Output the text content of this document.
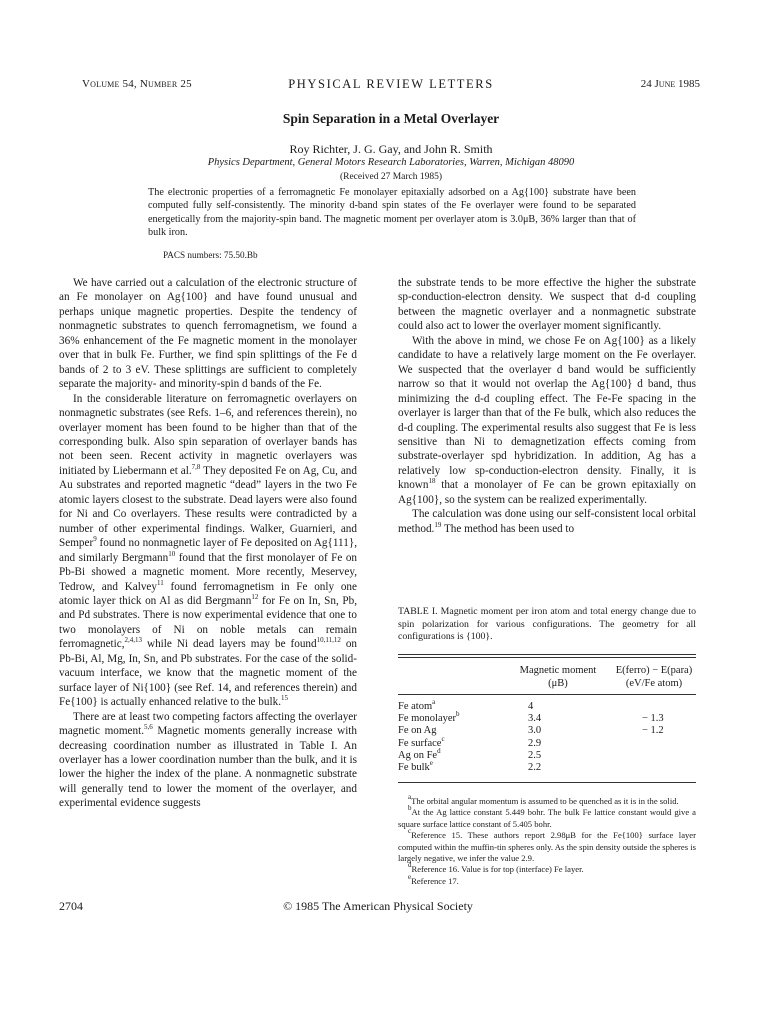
Volume 54, Number 25	PHYSICAL REVIEW LETTERS	24 June 1985
Spin Separation in a Metal Overlayer
Roy Richter, J. G. Gay, and John R. Smith
Physics Department, General Motors Research Laboratories, Warren, Michigan 48090
(Received 27 March 1985)
The electronic properties of a ferromagnetic Fe monolayer epitaxially adsorbed on a Ag{100} substrate have been computed fully self-consistently. The minority d-band spin states of the Fe overlayer were found to be separated energetically from the majority-spin band. The magnetic moment per overlayer atom is 3.0μB, 36% larger than that of bulk iron.
PACS numbers: 75.50.Bb

We have carried out a calculation of the electronic structure of an Fe monolayer on Ag{100} and have found unusual and perhaps unique magnetic properties. Despite the tendency of nonmagnetic substrates to quench ferromagnetism, we found a 36% enhancement of the Fe magnetic moment in the monolayer over that in bulk Fe. Further, we find spin splittings of the Fe d bands of 2 to 3 eV. These splittings are sufficient to completely separate the majority- and minority-spin d bands of the Fe.

In the considerable literature on ferromagnetic overlayers on nonmagnetic substrates (see Refs. 1–6, and references therein), no overlayer moment has been found to be higher than that of the corresponding bulk. Also spin separation of overlayer bands has not been seen. Recent activity in magnetic overlayers was initiated by Liebermann et al.$^{7,8}$ They deposited Fe on Ag, Cu, and Au substrates and reported magnetic “dead” layers in the two Fe atomic layers closest to the substrate. Dead layers were also found for Ni and Co overlayers. These results were contradicted by a number of other experimental findings. Walker, Guarnieri, and Semper$^9$ found no nonmagnetic layer of Fe deposited on Ag{111}, and similarly Bergmann$^{10}$ found that the first monolayer of Fe on Pb-Bi showed a magnetic moment. More recently, Meservey, Tedrow, and Kalvey$^{11}$ found ferromagnetism in Fe only one atomic layer thick on Al as did Bergmann$^{12}$ for Fe on In, Sn, Pb, and Pd substrates. There is now experimental evidence that one to two monolayers of Ni on noble metals can remain ferromagnetic,$^{2,4,13}$ while Ni dead layers may be found$^{10,11,12}$ on Pb-Bi, Al, Mg, In, Sn, and Pb substrates. For the case of the solid-vacuum interface, we know that the magnetic moment of the surface layer of Ni{100} (see Ref. 14, and references therein) and Fe{100} is actually enhanced relative to the bulk.$^{15}$

There are at least two competing factors affecting the overlayer magnetic moment.$^{5,6}$ Magnetic moments generally increase with decreasing coordination number as illustrated in Table I. An overlayer has a lower coordination number than the bulk, and it is lower the higher the index of the plane. A nonmagnetic substrate will generally tend to lower the moment of the overlayer, and experimental evidence suggests

the substrate tends to be more effective the higher the substrate sp-conduction-electron density. We suspect that d-d coupling between the magnetic overlayer and a nonmagnetic substrate could also act to lower the overlayer moment significantly.

With the above in mind, we chose Fe on Ag{100} as a likely candidate to have a relatively large moment on the Fe overlayer. We suspected that the overlayer d band would be sufficiently narrow so that it would not overlap the Ag{100} d band, thus minimizing the d-d coupling effect. The Fe-Fe spacing in the overlayer is larger than that of the Fe bulk, which also reduces the d-d coupling. The experimental results also suggest that Fe is less sensitive than Ni to demagnetization effects coming from substrate-overlayer spd hybridization. In addition, Ag has a relatively low sp-conduction-electron density. Finally, it is known$^{18}$ that a monolayer of Fe can be grown epitaxially on Ag{100}, so the system can be realized experimentally.

The calculation was done using our self-consistent local orbital method.$^{19}$ The method has been used to

TABLE I. Magnetic moment per iron atom and total energy change due to spin polarization for various configurations. The geometry for all configurations is {100}.
Magnetic moment
(μB)
E(ferro) − E(para)
(eV/Fe atom)
Fe atom$^a$	4
Fe monolayer$^b$	3.4	− 1.3
Fe on Ag	3.0	− 1.2
Fe surface$^c$	2.9
Ag on Fe$^d$	2.5
Fe bulk$^e$	2.2
$^a$The orbital angular momentum is assumed to be quenched as it is in the solid.
$^b$At the Ag lattice constant 5.449 bohr. The bulk Fe lattice constant would give a square surface lattice constant of 5.405 bohr.
$^c$Reference 15. These authors report 2.98μB for the Fe{100} surface layer computed within the muffin-tin spheres only. As the spin density outside the spheres is largely negative, we infer the value 2.9.
$^d$Reference 16. Value is for top (interface) Fe layer.
$^e$Reference 17.
2704	© 1985 The American Physical Society
